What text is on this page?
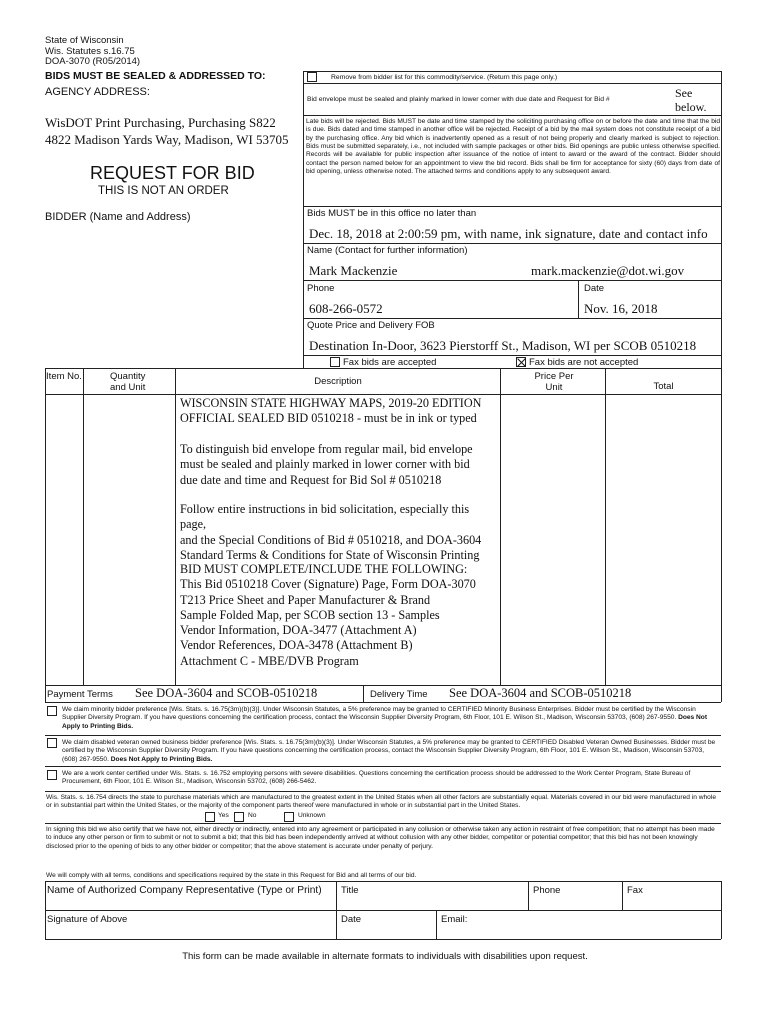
State of Wisconsin
Wis. Statutes s.16.75
DOA-3070 (R05/2014)
BIDS MUST BE SEALED & ADDRESSED TO:
AGENCY ADDRESS:
WisDOT Print Purchasing, Purchasing S822
4822 Madison Yards Way, Madison, WI 53705
REQUEST FOR BID
THIS IS NOT AN ORDER
BIDDER (Name and Address)
Remove from bidder list for this commodity/service. (Return this page only.)
Bid envelope must be sealed and plainly marked in lower corner with due date and Request for Bid #	See below.
Late bids will be rejected. Bids MUST be date and time stamped by the soliciting purchasing office on or before the date and time that the bid is due. Bids dated and time stamped in another office will be rejected. Receipt of a bid by the mail system does not constitute receipt of a bid by the purchasing office. Any bid which is inadvertently opened as a result of not being properly and clearly marked is subject to rejection. Bids must be submitted separately, i.e., not included with sample packages or other bids. Bid openings are public unless otherwise specified. Records will be available for public inspection after issuance of the notice of intent to award or the award of the contract. Bidder should contact the person named below for an appointment to view the bid record. Bids shall be firm for acceptance for sixty (60) days from date of bid opening, unless otherwise noted. The attached terms and conditions apply to any subsequent award.
Bids MUST be in this office no later than
Dec. 18, 2018 at 2:00:59 pm, with name, ink signature, date and contact info
Name (Contact for further information)
Mark Mackenzie	mark.mackenzie@dot.wi.gov
Phone	Date
608-266-0572	Nov. 16, 2018
Quote Price and Delivery FOB
Destination In-Door, 3623 Pierstorff St., Madison, WI per SCOB 0510218
Fax bids are accepted	Fax bids are not accepted
Item No.	Quantity and Unit
Description	Price Per Unit	Total
WISCONSIN STATE HIGHWAY MAPS, 2019-20 EDITION
OFFICIAL SEALED BID 0510218 - must be in ink or typed
To distinguish bid envelope from regular mail, bid envelope
must be sealed and plainly marked in lower corner with bid
due date and time and Request for Bid Sol # 0510218
Follow entire instructions in bid solicitation, especially this page,
and the Special Conditions of Bid # 0510218, and DOA-3604
Standard Terms & Conditions for State of Wisconsin Printing
BID MUST COMPLETE/INCLUDE THE FOLLOWING:
This Bid 0510218 Cover (Signature) Page, Form DOA-3070
T213 Price Sheet and Paper Manufacturer & Brand
Sample Folded Map, per SCOB section 13 - Samples
Vendor Information, DOA-3477 (Attachment A)
Vendor References, DOA-3478 (Attachment B)
Attachment C - MBE/DVB Program
Payment Terms See DOA-3604 and SCOB-0510218	Delivery Time See DOA-3604 and SCOB-0510218
We claim minority bidder preference [Wis. Stats. s. 16.75(3m)(b)(3)]. Under Wisconsin Statutes, a 5% preference may be granted to CERTIFIED Minority Business Enterprises. Bidder must be certified by the Wisconsin Supplier Diversity Program. If you have questions concerning the certification process, contact the Wisconsin Supplier Diversity Program, 6th Floor, 101 E. Wilson St., Madison, Wisconsin 53703, (608) 267-9550. Does Not Apply to Printing Bids.
We claim disabled veteran owned business bidder preference [Wis. Stats. s. 16.75(3m)(b)(3)]. Under Wisconsin Statutes, a 5% preference may be granted to CERTIFIED Disabled Veteran Owned Businesses. Bidder must be certified by the Wisconsin Supplier Diversity Program. If you have questions concerning the certification process, contact the Wisconsin Supplier Diversity Program, 6th Floor, 101 E. Wilson St., Madison, Wisconsin 53703, (608) 267-9550. Does Not Apply to Printing Bids.
We are a work center certified under Wis. Stats. s. 16.752 employing persons with severe disabilities. Questions concerning the certification process should be addressed to the Work Center Program, State Bureau of Procurement, 6th Floor, 101 E. Wilson St., Madison, Wisconsin 53702, (608) 266-5462.
Wis. Stats. s. 16.754 directs the state to purchase materials which are manufactured to the greatest extent in the United States when all other factors are substantially equal. Materials covered in our bid were manufactured in whole or in substantial part within the United States, or the majority of the component parts thereof were manufactured in whole or in substantial part in the United States.
Yes	No	Unknown
In signing this bid we also certify that we have not, either directly or indirectly, entered into any agreement or participated in any collusion or otherwise taken any action in restraint of free competition; that no attempt has been made to induce any other person or firm to submit or not to submit a bid; that this bid has been independently arrived at without collusion with any other bidder, competitor or potential competitor; that this bid has not been knowingly disclosed prior to the opening of bids to any other bidder or competitor; that the above statement is accurate under penalty of perjury.
We will comply with all terms, conditions and specifications required by the state in this Request for Bid and all terms of our bid.
Name of Authorized Company Representative (Type or Print) Title	Phone	Fax
Signature of Above	Date	Email:
This form can be made available in alternate formats to individuals with disabilities upon request.
